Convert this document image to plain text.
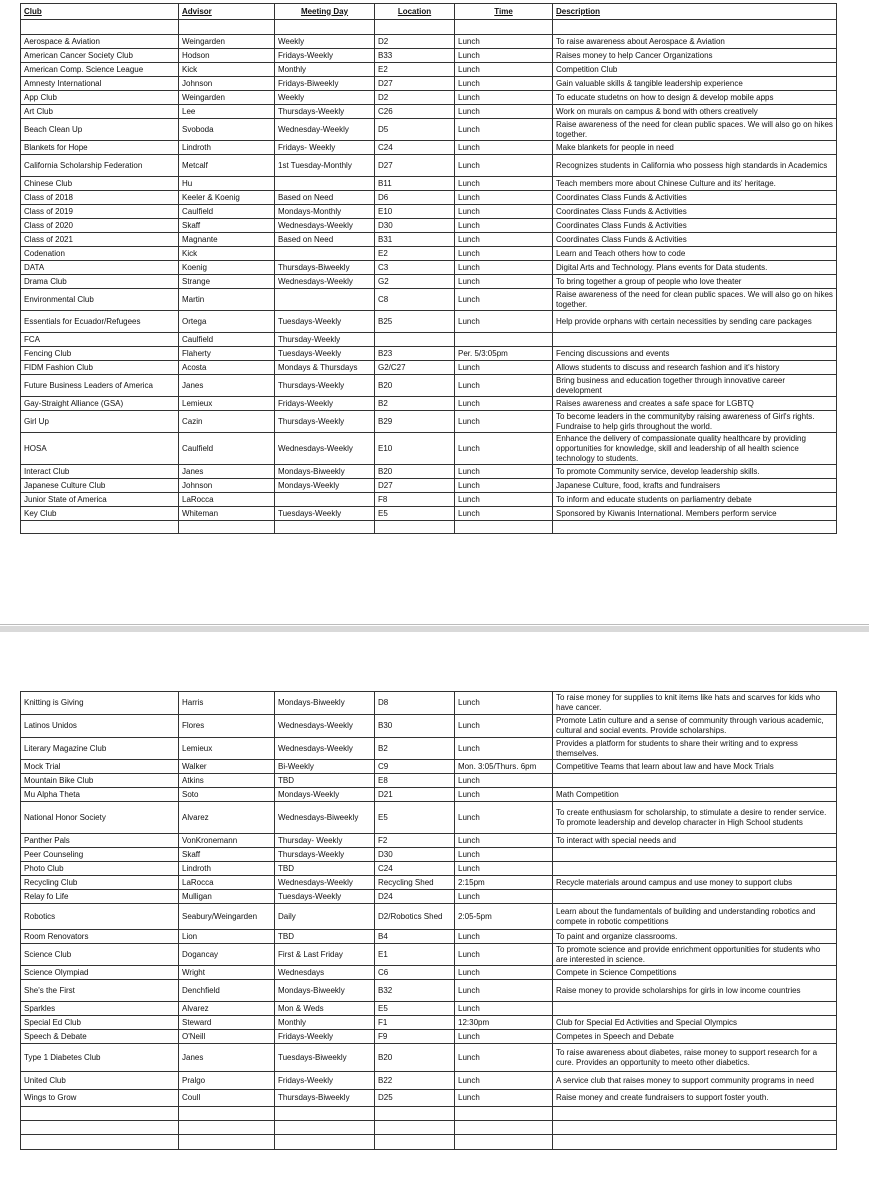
Club	Advisor	Meeting Day	Location	Time	Description

Aerospace & Aviation	Weingarden	Weekly	D2	Lunch	To raise awareness about Aerospace & Aviation
American Cancer Society Club	Hodson	Fridays-Weekly	B33	Lunch	Raises money to help Cancer Organizations
American Comp. Science League	Kick	Monthly	E2	Lunch	Competition Club
Amnesty International	Johnson	Fridays-Biweekly	D27	Lunch	Gain valuable skills & tangible leadership experience
App Club	Weingarden	Weekly	D2	Lunch	To educate studetns on how to design & develop mobile apps
Art Club	Lee	Thursdays-Weekly	C26	Lunch	Work on murals on campus & bond with others creatively
Beach Clean Up	Svoboda	Wednesday-Weekly	D5	Lunch	Raise awareness of the need for clean public spaces. We will also go on hikes together.
Blankets for Hope	Lindroth	Fridays- Weekly	C24	Lunch	Make blankets for people in need
California Scholarship Federation	Metcalf	1st Tuesday-Monthly	D27	Lunch	Recognizes students in California who possess high standards in Academics
Chinese Club	Hu		B11	Lunch	Teach members more about Chinese Culture and its' heritage.
Class of 2018	Keeler & Koenig	Based on Need	D6	Lunch	Coordinates Class Funds & Activities
Class of 2019	Caulfield	Mondays-Monthly	E10	Lunch	Coordinates Class Funds & Activities
Class of 2020	Skaff	Wednesdays-Weekly	D30	Lunch	Coordinates Class Funds & Activities
Class of 2021	Magnante	Based on Need	B31	Lunch	Coordinates Class Funds & Activities
Codenation	Kick		E2	Lunch	Learn and Teach others how to code
DATA	Koenig	Thursdays-Biweekly	C3	Lunch	Digital Arts and Technology. Plans events for Data students.
Drama Club	Strange	Wednesdays-Weekly	G2	Lunch	To bring together a group of people who love theater
Environmental Club	Martin		C8	Lunch	Raise awareness of the need for clean public spaces. We will also go on hikes together.
Essentials for Ecuador/Refugees	Ortega	Tuesdays-Weekly	B25	Lunch	Help provide orphans with certain necessities by sending care packages
FCA	Caulfield	Thursday-Weekly			
Fencing Club	Flaherty	Tuesdays-Weekly	B23	Per. 5/3:05pm	Fencing discussions and events
FIDM Fashion Club	Acosta	Mondays & Thursdays	G2/C27	Lunch	Allows students to discuss and research fashion and it's history
Future Business Leaders of America	Janes	Thursdays-Weekly	B20	Lunch	Bring business and education together through innovative career development
Gay-Straight Alliance (GSA)	Lemieux	Fridays-Weekly	B2	Lunch	Raises awareness and creates a safe space for LGBTQ
Girl Up	Cazin	Thursdays-Weekly	B29	Lunch	To become leaders in the communityby raising awareness of Girl's rights. Fundraise to help girls throughout the world.
HOSA	Caulfield	Wednesdays-Weekly	E10	Lunch	Enhance the delivery of compassionate quality healthcare by providing opportunities for knowledge, skill and leadership of all health science technology to students.
Interact Club	Janes	Mondays-Biweekly	B20	Lunch	To promote Community service, develop leadership skills.
Japanese Culture Club	Johnson	Mondays-Weekly	D27	Lunch	Japanese Culture, food, krafts and fundraisers
Junior State of America	LaRocca		F8	Lunch	To inform and educate students on parliamentry debate
Key Club	Whiteman	Tuesdays-Weekly	E5	Lunch	Sponsored by Kiwanis International. Members perform service

Knitting is Giving	Harris	Mondays-Biweekly	D8	Lunch	To raise money for supplies to knit items like hats and scarves for kids who have cancer.
Latinos Unidos	Flores	Wednesdays-Weekly	B30	Lunch	Promote Latin culture and a sense of community through various academic, cultural and social events. Provide scholarships.
Literary Magazine Club	Lemieux	Wednesdays-Weekly	B2	Lunch	Provides a platform for students to share their writing and to express themselves.
Mock Trial	Walker	Bi-Weekly	C9	Mon. 3:05/Thurs. 6pm	Competitive Teams that learn about law and have Mock Trials
Mountain Bike Club	Atkins	TBD	E8	Lunch	
Mu Alpha Theta	Soto	Mondays-Weekly	D21	Lunch	Math Competition
National Honor Society	Alvarez	Wednesdays-Biweekly	E5	Lunch	To create enthusiasm for scholarship, to stimulate a desire to render service. To promote leadership and develop character in High School students
Panther Pals	VonKronemann	Thursday- Weekly	F2	Lunch	To interact with special needs and
Peer Counseling	Skaff	Thursdays-Weekly	D30	Lunch	
Photo Club	Lindroth	TBD	C24	Lunch	
Recycling Club	LaRocca	Wednesdays-Weekly	Recycling Shed	2:15pm	Recycle materials around campus and use money to support clubs
Relay fo Life	Mulligan	Tuesdays-Weekly	D24	Lunch	
Robotics	Seabury/Weingarden	Daily	D2/Robotics Shed	2:05-5pm	Learn about the fundamentals of building and understanding robotics and compete in robotic competitions
Room Renovators	Lion	TBD	B4	Lunch	To paint and organize classrooms.
Science Club	Dogancay	First & Last Friday	E1	Lunch	To promote science and provide enrichment opportunities for students who are interested in science.
Science Olympiad	Wright	Wednesdays	C6	Lunch	Compete in Science Competitions
She's the First	Denchfield	Mondays-Biweekly	B32	Lunch	Raise money to provide scholarships for girls in low income countries
Sparkles	Alvarez	Mon & Weds	E5	Lunch	
Special Ed Club	Steward	Monthly	F1	12:30pm	Club for Special Ed Activities and Special Olympics
Speech & Debate	O'Neill	Fridays-Weekly	F9	Lunch	Competes in Speech and Debate
Type 1 Diabetes Club	Janes	Tuesdays-Biweekly	B20	Lunch	To raise awareness about diabetes, raise money to support research for a cure. Provides an opportunity to meeto other diabetics.
United Club	Pralgo	Fridays-Weekly	B22	Lunch	A service club that raises money to support community programs in need
Wings to Grow	Coull	Thursdays-Biweekly	D25	Lunch	Raise money and create fundraisers to support foster youth.
